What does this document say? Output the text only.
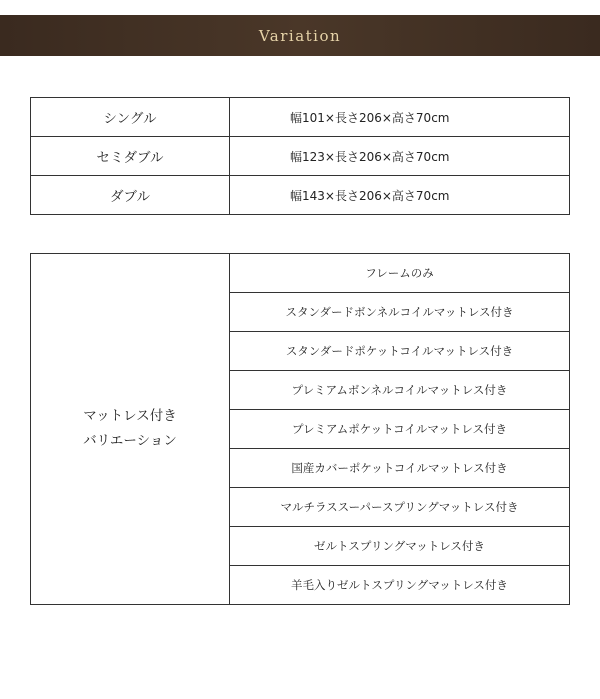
Variation
シングル	幅101×長さ206×高さ70cm
セミダブル	幅123×長さ206×高さ70cm
ダブル	幅143×長さ206×高さ70cm
マットレス付き
バリエーション
	フレームのみ
スタンダードボンネルコイルマットレス付き
スタンダードポケットコイルマットレス付き
プレミアムボンネルコイルマットレス付き
プレミアムポケットコイルマットレス付き
国産カバーポケットコイルマットレス付き
マルチラススーパースプリングマットレス付き
ゼルトスプリングマットレス付き
羊毛入りゼルトスプリングマットレス付き
